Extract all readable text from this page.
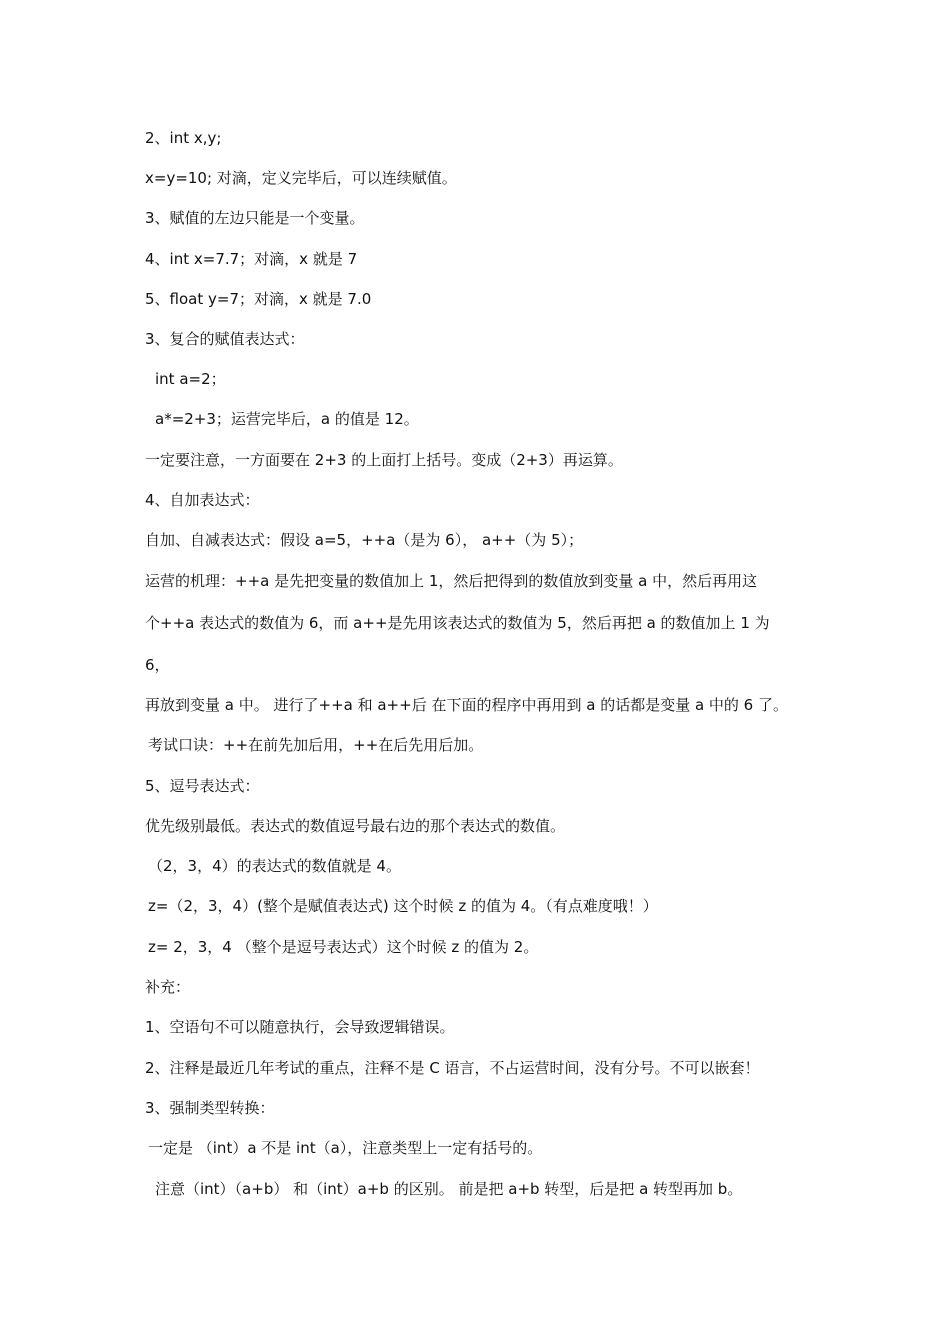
2、int x,y;
x=y=10; 对滴，定义完毕后，可以连续赋值。
3、赋值的左边只能是一个变量。
4、int x=7.7；对滴，x 就是 7
5、float y=7；对滴，x 就是 7.0
3、复合的赋值表达式：
int a=2；
a*=2+3；运营完毕后，a 的值是 12。
一定要注意，一方面要在 2+3 的上面打上括号。变成（2+3）再运算。
4、自加表达式：
自加、自减表达式：假设 a=5，++a（是为 6）， a++（为 5）；
运营的机理：++a 是先把变量的数值加上 1，然后把得到的数值放到变量 a 中，然后再用这
个++a 表达式的数值为 6，而 a++是先用该表达式的数值为 5，然后再把 a 的数值加上 1 为
6，
再放到变量 a 中。 进行了++a 和 a++后 在下面的程序中再用到 a 的话都是变量 a 中的 6 了。
考试口诀：++在前先加后用，++在后先用后加。
5、逗号表达式：
优先级别最低。表达式的数值逗号最右边的那个表达式的数值。
（2，3，4）的表达式的数值就是 4。
z=（2，3，4）(整个是赋值表达式) 这个时候 z 的值为 4。（有点难度哦！）
z= 2，3，4 （整个是逗号表达式）这个时候 z 的值为 2。
补充：
1、空语句不可以随意执行，会导致逻辑错误。
2、注释是最近几年考试的重点，注释不是 C 语言，不占运营时间，没有分号。不可以嵌套！
3、强制类型转换：
一定是 （int）a 不是 int（a），注意类型上一定有括号的。
注意（int）（a+b） 和（int）a+b 的区别。 前是把 a+b 转型，后是把 a 转型再加 b。
